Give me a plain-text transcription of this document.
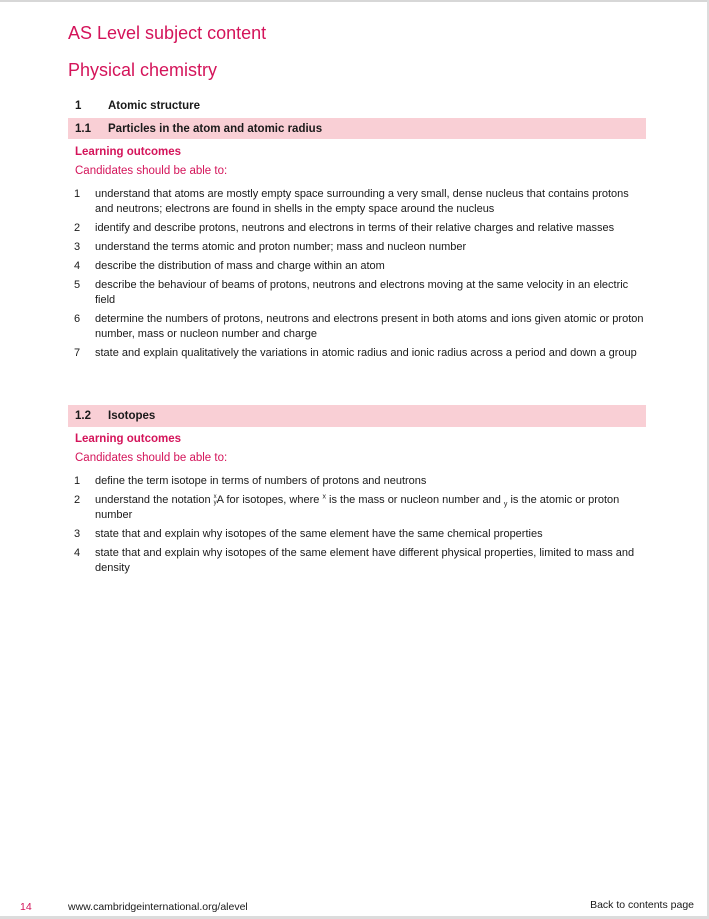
AS Level subject content
Physical chemistry
1 Atomic structure
1.1 Particles in the atom and atomic radius
Learning outcomes
Candidates should be able to:
1 understand that atoms are mostly empty space surrounding a very small, dense nucleus that contains protons and neutrons; electrons are found in shells in the empty space around the nucleus
2 identify and describe protons, neutrons and electrons in terms of their relative charges and relative masses
3 understand the terms atomic and proton number; mass and nucleon number
4 describe the distribution of mass and charge within an atom
5 describe the behaviour of beams of protons, neutrons and electrons moving at the same velocity in an electric field
6 determine the numbers of protons, neutrons and electrons present in both atoms and ions given atomic or proton number, mass or nucleon number and charge
7 state and explain qualitatively the variations in atomic radius and ionic radius across a period and down a group
1.2 Isotopes
Learning outcomes
Candidates should be able to:
1 define the term isotope in terms of numbers of protons and neutrons
2 understand the notation x
yA for isotopes, where $^x$ is the mass or nucleon number and $_y$ is the atomic or proton number
3 state that and explain why isotopes of the same element have the same chemical properties
4 state that and explain why isotopes of the same element have different physical properties, limited to mass and density
14	www.cambridgeinternational.org/alevel	Back to contents page
